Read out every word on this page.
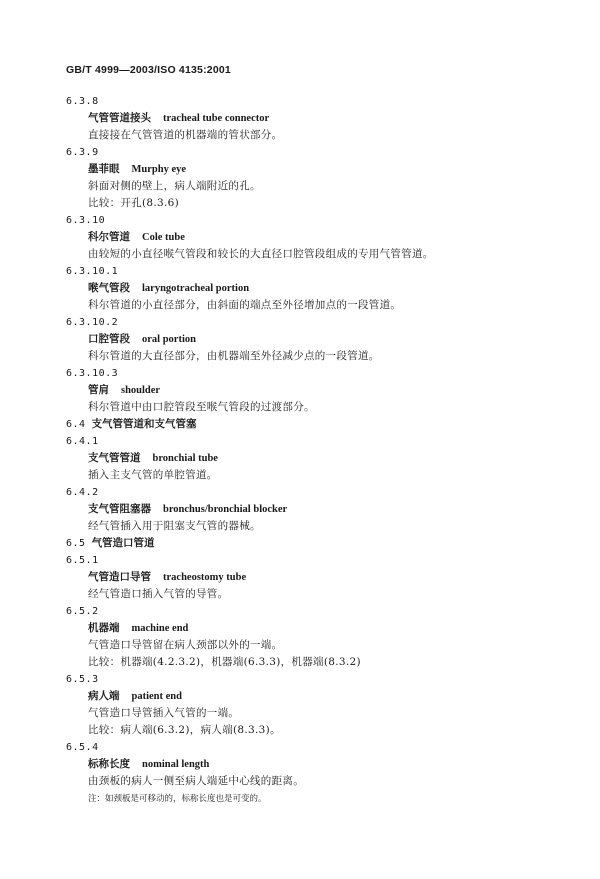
GB/T 4999—2003/ISO 4135:2001
6.3.8
气管管道接头 tracheal tube connector
直接接在气管管道的机器端的管状部分。
6.3.9
墨菲眼 Murphy eye
斜面对侧的壁上，病人端附近的孔。
比较：开孔(8.3.6)
6.3.10
科尔管道 Cole tube
由较短的小直径喉气管段和较长的大直径口腔管段组成的专用气管管道。
6.3.10.1
喉气管段 laryngotracheal portion
科尔管道的小直径部分，由斜面的端点至外径增加点的一段管道。
6.3.10.2
口腔管段 oral portion
科尔管道的大直径部分，由机器端至外径减少点的一段管道。
6.3.10.3
管肩 shoulder
科尔管道中由口腔管段至喉气管段的过渡部分。
6.4 支气管管道和支气管塞
6.4.1
支气管管道 bronchial tube
插入主支气管的单腔管道。
6.4.2
支气管阻塞器 bronchus/bronchial blocker
经气管插入用于阻塞支气管的器械。
6.5 气管造口管道
6.5.1
气管造口导管 tracheostomy tube
经气管造口插入气管的导管。
6.5.2
机器端 machine end
气管造口导管留在病人颈部以外的一端。
比较：机器端(4.2.3.2)，机器端(6.3.3)，机器端(8.3.2)
6.5.3
病人端 patient end
气管造口导管插入气管的一端。
比较：病人端(6.3.2)，病人端(8.3.3)。
6.5.4
标称长度 nominal length
由颈板的病人一侧至病人端延中心线的距离。
注：如颈板是可移动的，标称长度也是可变的。
